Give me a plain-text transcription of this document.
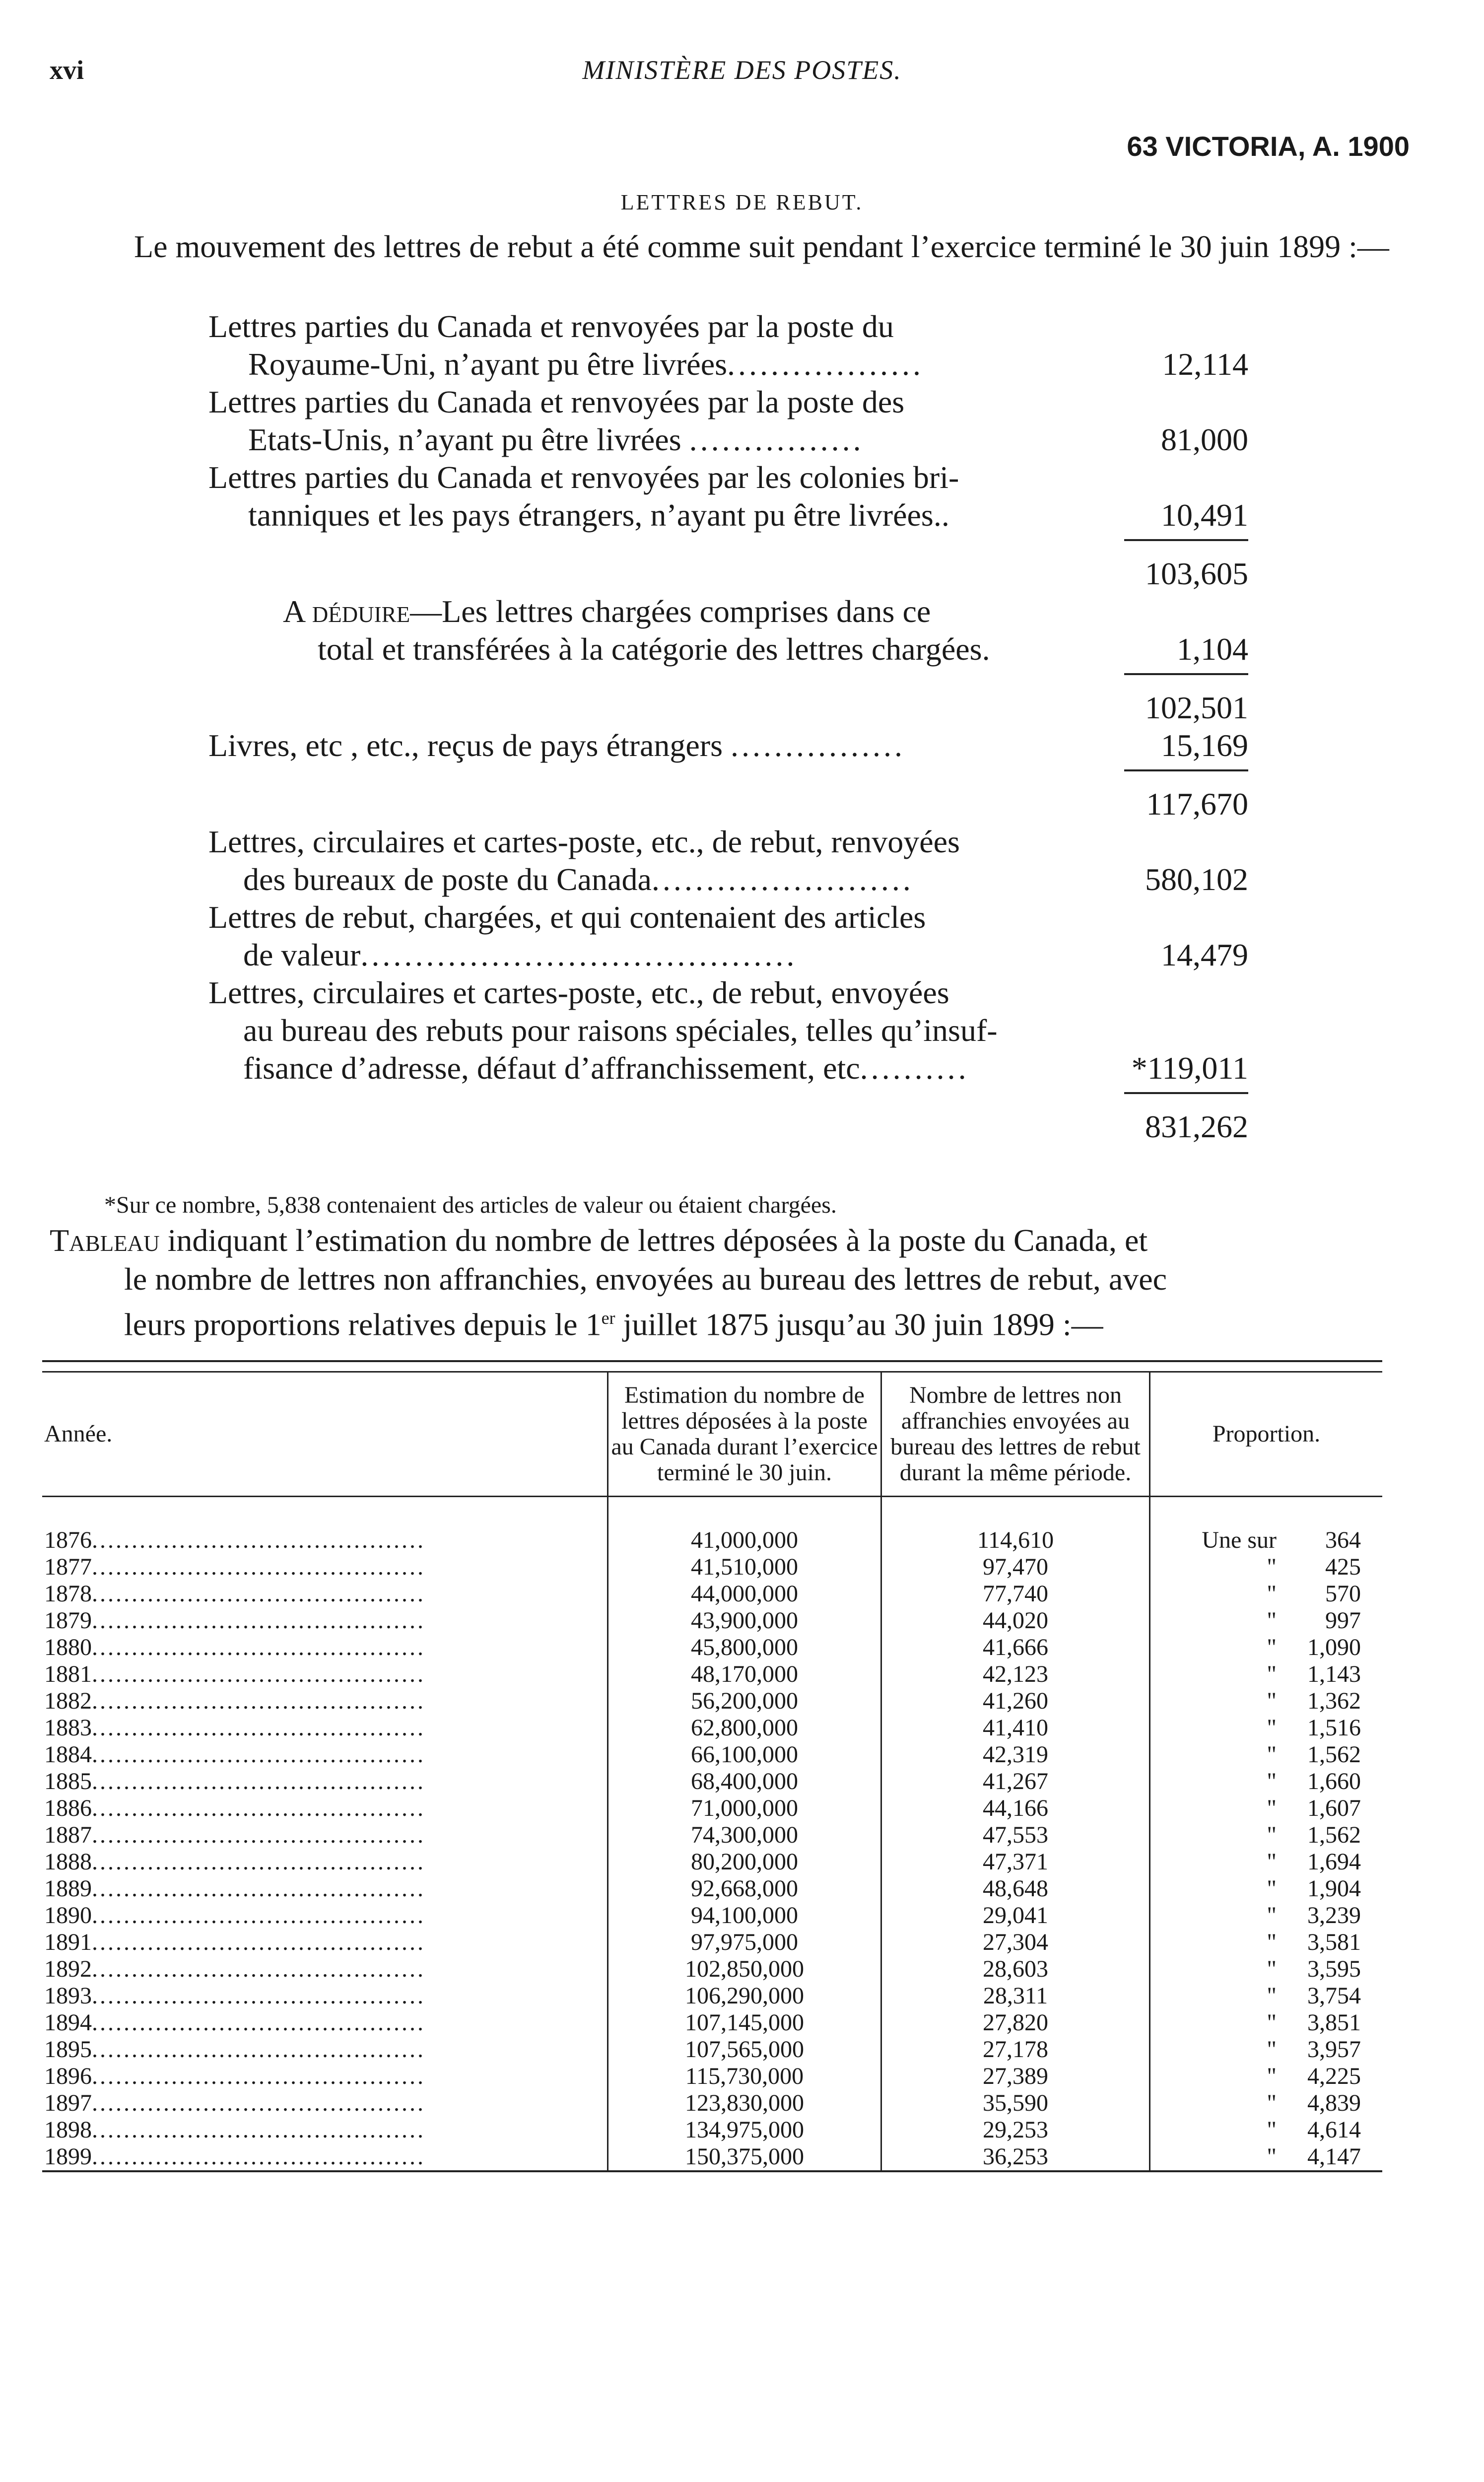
xvi	MINISTÈRE DES POSTES.
63 VICTORIA, A. 1900
LETTRES DE REBUT.

Le mouvement des lettres de rebut a été comme suit pendant l’exercice terminé le 30 juin 1899 :—

Lettres parties du Canada et renvoyées par la poste du
Royaume-Uni, n’ayant pu être livrées..................	12,114
Lettres parties du Canada et renvoyées par la poste des
Etats-Unis, n’ayant pu être livrées ................	81,000
Lettres parties du Canada et renvoyées par les colonies bri-
tanniques et les pays étrangers, n’ayant pu être livrées..	10,491
103,605
A déduire—Les lettres chargées comprises dans ce
total et transférées à la catégorie des lettres chargées.	1,104
102,501
Livres, etc , etc., reçus de pays étrangers ................	15,169
117,670
Lettres, circulaires et cartes-poste, etc., de rebut, renvoyées
des bureaux de poste du Canada........................	580,102
Lettres de rebut, chargées, et qui contenaient des articles
de valeur........................................	14,479
Lettres, circulaires et cartes-poste, etc., de rebut, envoyées
au bureau des rebuts pour raisons spéciales, telles qu’insuf-
fisance d’adresse, défaut d’affranchissement, etc..........	*119,011
831,262
*Sur ce nombre, 5,838 contenaient des articles de valeur ou étaient chargées.
Tableau indiquant l’estimation du nombre de lettres déposées à la poste du Canada, et
le nombre de lettres non affranchies, envoyées au bureau des lettres de rebut, avec
leurs proportions relatives depuis le 1er juillet 1875 jusqu’au 30 juin 1899 :—

Année.	Estimation du nombre de lettres déposées à la poste au Canada durant l’exercice terminé le 30 juin.	Nombre de lettres non affranchies envoyées au bureau des lettres de rebut durant la même période.	Proportion.

1876..........................................	41,000,000	114,610	Une sur 364
1877..........................................	41,510,000	97,470	" 425
1878..........................................	44,000,000	77,740	" 570
1879..........................................	43,900,000	44,020	" 997
1880..........................................	45,800,000	41,666	" 1,090
1881..........................................	48,170,000	42,123	" 1,143
1882..........................................	56,200,000	41,260	" 1,362
1883..........................................	62,800,000	41,410	" 1,516
1884..........................................	66,100,000	42,319	" 1,562
1885..........................................	68,400,000	41,267	" 1,660
1886..........................................	71,000,000	44,166	" 1,607
1887..........................................	74,300,000	47,553	" 1,562
1888..........................................	80,200,000	47,371	" 1,694
1889..........................................	92,668,000	48,648	" 1,904
1890..........................................	94,100,000	29,041	" 3,239
1891..........................................	97,975,000	27,304	" 3,581
1892..........................................	102,850,000	28,603	" 3,595
1893..........................................	106,290,000	28,311	" 3,754
1894..........................................	107,145,000	27,820	" 3,851
1895..........................................	107,565,000	27,178	" 3,957
1896..........................................	115,730,000	27,389	" 4,225
1897..........................................	123,830,000	35,590	" 4,839
1898..........................................	134,975,000	29,253	" 4,614
1899..........................................	150,375,000	36,253	" 4,147
